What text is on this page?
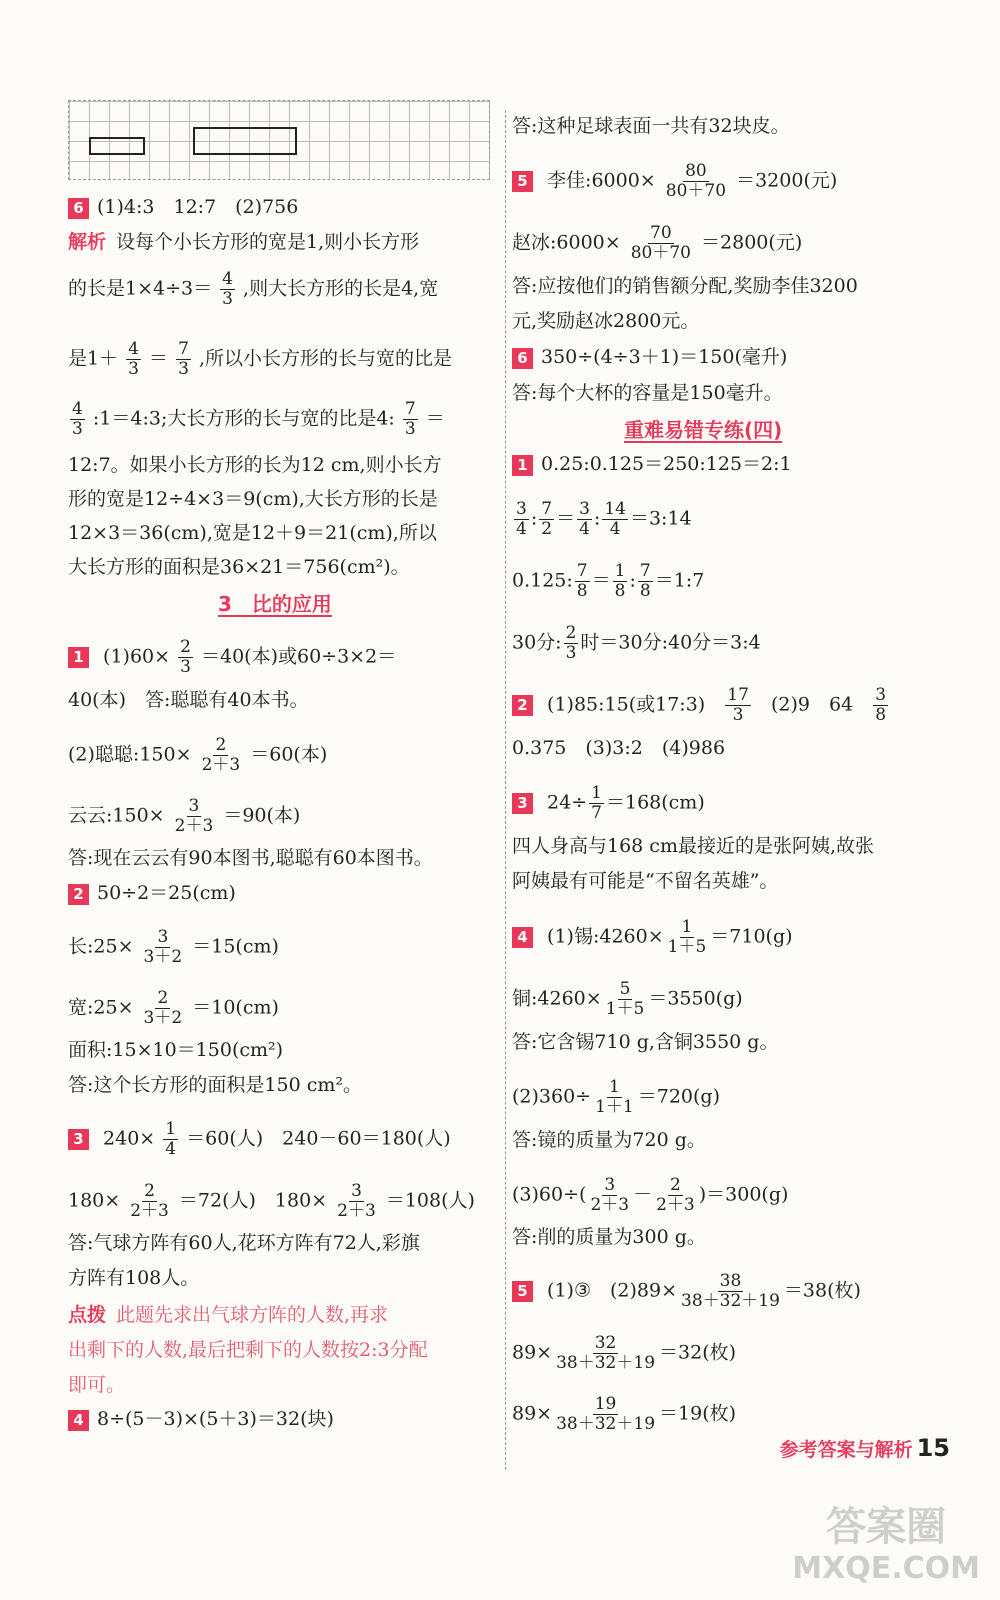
6 (1)4:3　12:7　(2)756
解析 设每个小长方形的宽是1,则小长方形
的长是$1\times 4\div 3= \frac{4}{3}$ ,则大长方形的长是4,宽
是$1+ \frac{4}{3} = \frac{7}{3}$ ,所以小长方形的长与宽的比是
$\frac{4}{3}$ :1＝4:3;大长方形的长与宽的比是4: $\frac{7}{3}$ ＝
12:7。如果小长方形的长为12 cm,则小长方
形的宽是12÷4×3＝9(cm),大长方形的长是
12×3＝36(cm),宽是12＋9＝21(cm),所以
大长方形的面积是36×21＝756(cm²)。
3　比的应用
1 $(1)60\times \frac{2}{3} =40$(本)或60÷3×2＝
40(本)　答:聪聪有40本书。
(2)聪聪:150× $\frac{2}{2+3} =60$(本)
云云:150× $\frac{3}{2+3} =90$(本)
答:现在云云有90本图书,聪聪有60本图书。
2 50÷2＝25(cm)
长:25× $\frac{3}{3+2} =15(cm)$
宽:25× $\frac{2}{3+2} =10(cm)$
面积:15×10＝150(cm²)
答:这个长方形的面积是150 cm²。
3 $240\times \frac{1}{4} =60$(人)　240－60＝180(人)
$180\times \frac{2}{2+3} =72$(人)　$180\times \frac{3}{2+3} =108$(人)
答:气球方阵有60人,花环方阵有72人,彩旗
方阵有108人。
点拨 此题先求出气球方阵的人数,再求
出剩下的人数,最后把剩下的人数按2:3分配
即可。
4 8÷(5－3)×(5＋3)＝32(块)
答:这种足球表面一共有32块皮。
5 李佳:6000× $\frac{80}{80+70} =3200$(元)
赵冰:6000× $\frac{70}{80+70} =2800$(元)
答:应按他们的销售额分配,奖励李佳3200
元,奖励赵冰2800元。
6 350÷(4÷3＋1)＝150(毫升)
答:每个大杯的容量是150毫升。
重难易错专练(四)
1 0.25:0.125＝250:125＝2:1
$\frac{3}{4}$ : $\frac{7}{2} = \frac{3}{4}$ : $\frac{14}{4}$ ＝3:14
0.125: $\frac{7}{8} = \frac{1}{8}$ : $\frac{7}{8}$ ＝1:7
30分: $\frac{2}{3}$ 时＝30分:40分＝3:4
2 (1)85:15(或17:3) $\frac{17}{3} (2)9$　$64 \frac{3}{8}$
0.375　(3)3:2　(4)986
3 $24\div \frac{1}{7} =168(cm)$
四人身高与168 cm最接近的是张阿姨,故张
阿姨最有可能是“不留名英雄”。
4 (1)锡:4260× $\frac{1}{1+5} =710(g)$
铜:4260× $\frac{5}{1+5} =3550(g)$
答:它含锡710 g,含铜3550 g。
$(2)360\div \frac{1}{1+1} =720(g)$
答:镜的质量为720 g。
$(3)60\div( \frac{3}{2+3} - \frac{2}{2+3} )=300(g)$
答:削的质量为300 g。
5 (1)③　$(2)89\times \frac{38}{38+32+19} =38$(枚)
$89\times \frac{32}{38+32+19} =32$(枚)
$89\times \frac{19}{38+32+19} =19$(枚)
参考答案与解析 15
答案圈
MXQE.COM
